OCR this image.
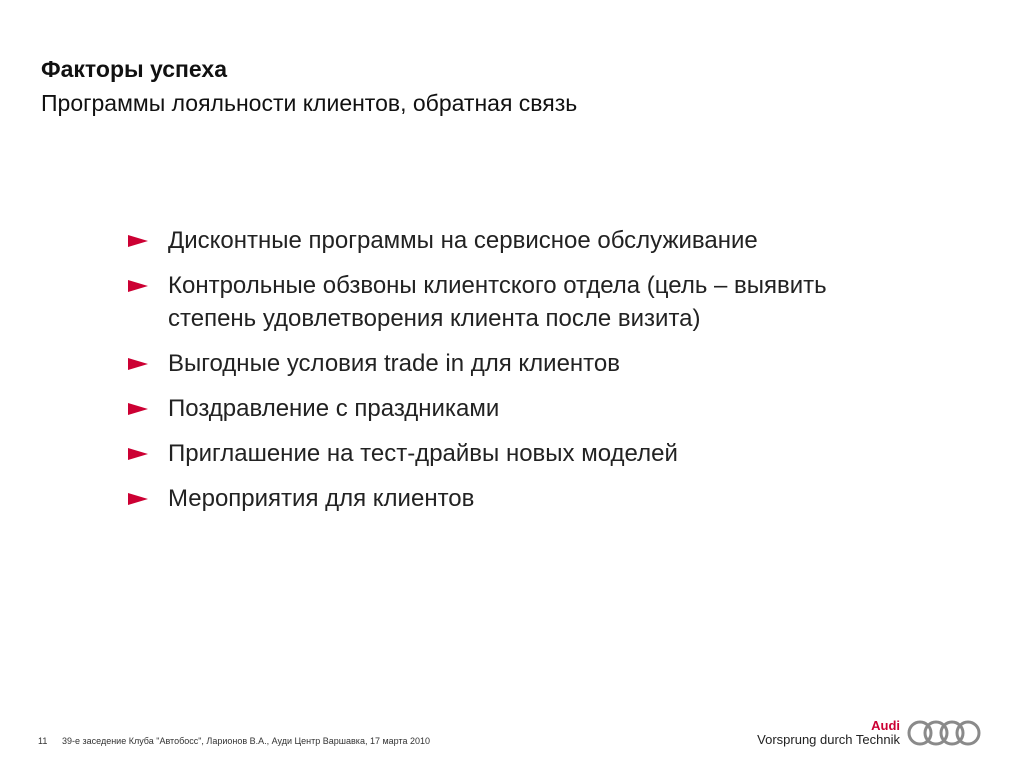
Факторы успеха
Программы лояльности клиентов, обратная связь
Дисконтные программы на сервисное обслуживание
Контрольные обзвоны клиентского отдела (цель – выявить степень удовлетворения клиента после визита)
Выгодные условия trade in для клиентов
Поздравление с праздниками
Приглашение на тест-драйвы новых моделей
Мероприятия для клиентов
11 39-е заседение Клуба "Автобосс", Ларионов В.А., Ауди Центр Варшавка, 17 марта 2010
Audi
Vorsprung durch Technik
